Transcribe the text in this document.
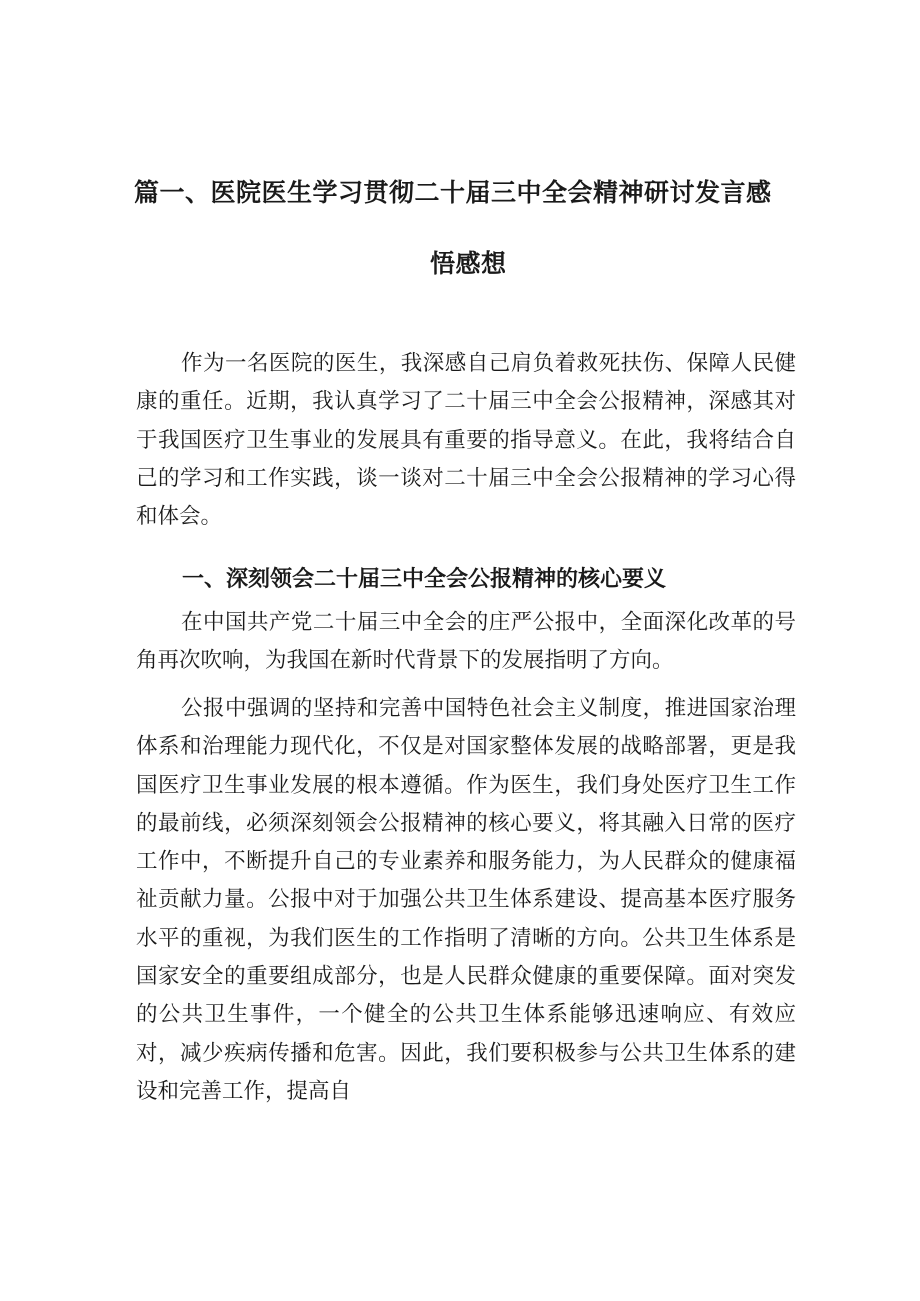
篇一、医院医生学习贯彻二十届三中全会精神研讨发言感
悟感想

作为一名医院的医生，我深感自己肩负着救死扶伤、保障人民健康的重任。近期，我认真学习了二十届三中全会公报精神，深感其对于我国医疗卫生事业的发展具有重要的指导意义。在此，我将结合自己的学习和工作实践，谈一谈对二十届三中全会公报精神的学习心得和体会。

一、深刻领会二十届三中全会公报精神的核心要义

在中国共产党二十届三中全会的庄严公报中，全面深化改革的号角再次吹响，为我国在新时代背景下的发展指明了方向。

公报中强调的坚持和完善中国特色社会主义制度，推进国家治理体系和治理能力现代化，不仅是对国家整体发展的战略部署，更是我国医疗卫生事业发展的根本遵循。作为医生，我们身处医疗卫生工作的最前线，必须深刻领会公报精神的核心要义，将其融入日常的医疗工作中，不断提升自己的专业素养和服务能力，为人民群众的健康福祉贡献力量。公报中对于加强公共卫生体系建设、提高基本医疗服务水平的重视，为我们医生的工作指明了清晰的方向。公共卫生体系是国家安全的重要组成部分，也是人民群众健康的重要保障。面对突发的公共卫生事件，一个健全的公共卫生体系能够迅速响应、有效应对，减少疾病传播和危害。因此，我们要积极参与公共卫生体系的建设和完善工作，提高自
